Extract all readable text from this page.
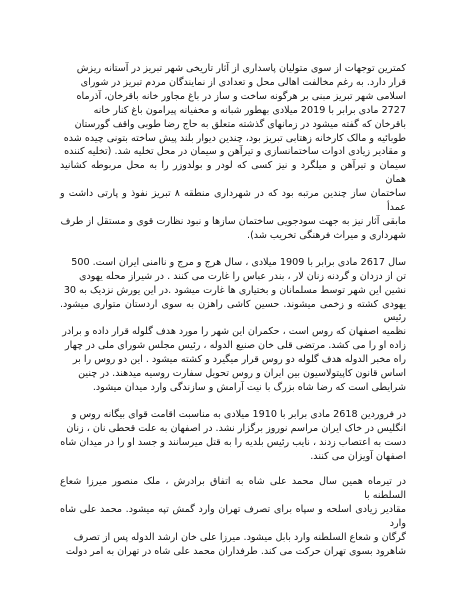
کمترین توجهات از سوی متولیان پاسداری از آثار تاریخی شهر تبریز در آستانه ریزش
قرار دارد. به رغم مخالفت اهالی محل و تعدادی از نمایندگان مردم تبریز در شورای
اسلامی شهر تبریز مبنی بر هرگونه ساخت و ساز در باغ مجاور خانه باقرخان، آذرماه
2727 مادی برابر با 2019 میلادی بهطور شبانه و مخفیانه پیرامون باغ کنار خانه
باقرخان که گفته میشود در زمانهای گذشته متعلق به حاج رضا طوبی واقف گورستان
طوبائیه و مالک کارخانه زهتابی تبریز بود، چندین دیوار بلند پیش ساخته بتونی چیده شده
و مقادیر زیادی ادوات ساختمانسازی و تیرآهن و سیمان در محل تخلیه شد. (تخلیه کننده
سیمان و تیرآهن و میلگرد و نیز کسی که لودر و بولدوزر را به محل مربوطه کشانید همان
ساختمان ساز چندین مرتبه بود که در شهرداری منطقه ۸ تبریز نفوذ و پارتی داشت و عمدأ
مابقی آثار نیز به جهت سودجویی ساختمان سازها و نبود نظارت قوی و مستقل از طرف
شهرداری و میراث فرهنگی تخریب شد).

سال 2617 مادی برابر با 1909 میلادی ، سال هرج و مرج و ناامنی ایران است. 500
تن از دزدان و گردنه زنان لار ، بندر عباس را غارت می کنند . در شیراز محله یهودی
نشین این شهر توسط مسلمانان و بختیاری ها غارت میشود .در این یورش نزدیک به 30
یهودی کشته و زخمی میشوند. حسین کاشی راهزن به سوی اردستان متواری میشود. رئیس
نظمیه اصفهان که روس است ، حکمران این شهر را مورد هدف گلوله قرار داده و برادر
زاده او را می کشد. مرتضی قلی خان صنیع الدوله ، رئیس مجلس شورای ملی در چهار
راه مخبر الدوله هدف گلوله دو روس قرار میگیرد و کشته میشود . این دو روس را بر
اساس قانون کاپیتولاسیون بین ایران و روس تحویل سفارت روسیه میدهند. در چنین
شرایطی است که رضا شاه بزرگ با نیت آرامش و سازندگی وارد میدان میشود.

در فروردین 2618 مادی برابر با 1910 میلادی به مناسبت اقامت قوای بیگانه روس و
انگلیس در خاک ایران مراسم نوروز برگزار نشد. در اصفهان به علت قحطی نان ، زنان
دست به اعتصاب زدند ، نایب رئیس بلدیه را به قتل میرسانند و جسد او را در میدان شاه
اصفهان آویزان می کنند.

در تیرماه همین سال محمد علی شاه به اتفاق برادرش ، ملک منصور میرزا شعاع السلطنه با
مقادیر زیادی اسلحه و سپاه برای تصرف تهران وارد گمش تپه میشود. محمد علی شاه وارد
گرگان و شعاع السلطنه وارد بابل میشود. میرزا علی خان ارشد الدوله پس از تصرف
شاهرود بسوی تهران حرکت می کند. طرفداران محمد علی شاه در تهران به امر دولت
